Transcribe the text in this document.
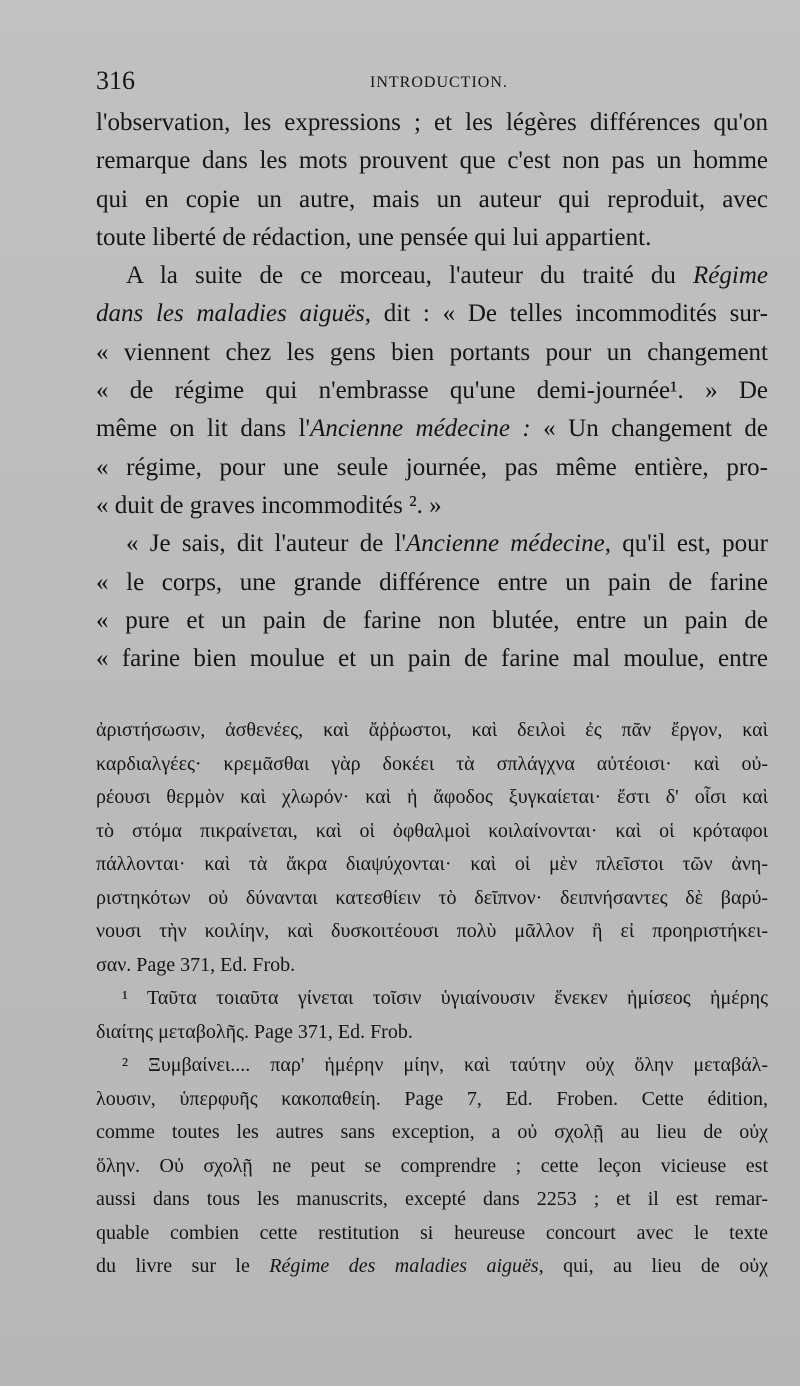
316	INTRODUCTION.
l'observation, les expressions ; et les légères différences qu'on
remarque dans les mots prouvent que c'est non pas un homme
qui en copie un autre, mais un auteur qui reproduit, avec
toute liberté de rédaction, une pensée qui lui appartient.
A la suite de ce morceau, l'auteur du traité du Régime
dans les maladies aiguës, dit : « De telles incommodités sur-
« viennent chez les gens bien portants pour un changement
« de régime qui n'embrasse qu'une demi-journée¹. » De
même on lit dans l'Ancienne médecine : « Un changement de
« régime, pour une seule journée, pas même entière, pro-
« duit de graves incommodités ². »
« Je sais, dit l'auteur de l'Ancienne médecine, qu'il est, pour
« le corps, une grande différence entre un pain de farine
« pure et un pain de farine non blutée, entre un pain de
« farine bien moulue et un pain de farine mal moulue, entre
ἀριστήσωσιν, ἀσθενέες, καὶ ἄῤῥωστοι, καὶ δειλοὶ ἐς πᾶν ἔργον, καὶ
καρδιαλγέες· κρεμᾶσθαι γὰρ δοκέει τὰ σπλάγχνα αὐτέοισι· καὶ οὐ-
ρέουσι θερμὸν καὶ χλωρόν· καὶ ἡ ἄφοδος ξυγκαίεται· ἔστι δ' οἷσι καὶ
τὸ στόμα πικραίνεται, καὶ οἱ ὀφθαλμοὶ κοιλαίνονται· καὶ οἱ κρόταφοι
πάλλονται· καὶ τὰ ἄκρα διαψύχονται· καὶ οἱ μὲν πλεῖστοι τῶν ἀνη-
ριστηκότων οὐ δύνανται κατεσθίειν τὸ δεῖπνον· δειπνήσαντες δὲ βαρύ-
νουσι τὴν κοιλίην, καὶ δυσκοιτέουσι πολὺ μᾶλλον ἢ εἰ προηριστήκει-
σαν. Page 371, Ed. Frob.
¹ Ταῦτα τοιαῦτα γίνεται τοῖσιν ὑγιαίνουσιν ἕνεκεν ἡμίσεος ἡμέρης
διαίτης μεταβολῆς. Page 371, Ed. Frob.
² Ξυμβαίνει.... παρ' ἡμέρην μίην, καὶ ταύτην οὐχ ὅλην μεταβάλ-
λουσιν, ὑπερφυῆς κακοπαθείη. Page 7, Ed. Froben. Cette édition,
comme toutes les autres sans exception, a οὐ σχολῇ au lieu de οὐχ
ὅλην. Οὐ σχολῇ ne peut se comprendre ; cette leçon vicieuse est
aussi dans tous les manuscrits, excepté dans 2253 ; et il est remar-
quable combien cette restitution si heureuse concourt avec le texte
du livre sur le Régime des maladies aiguës, qui, au lieu de οὐχ
